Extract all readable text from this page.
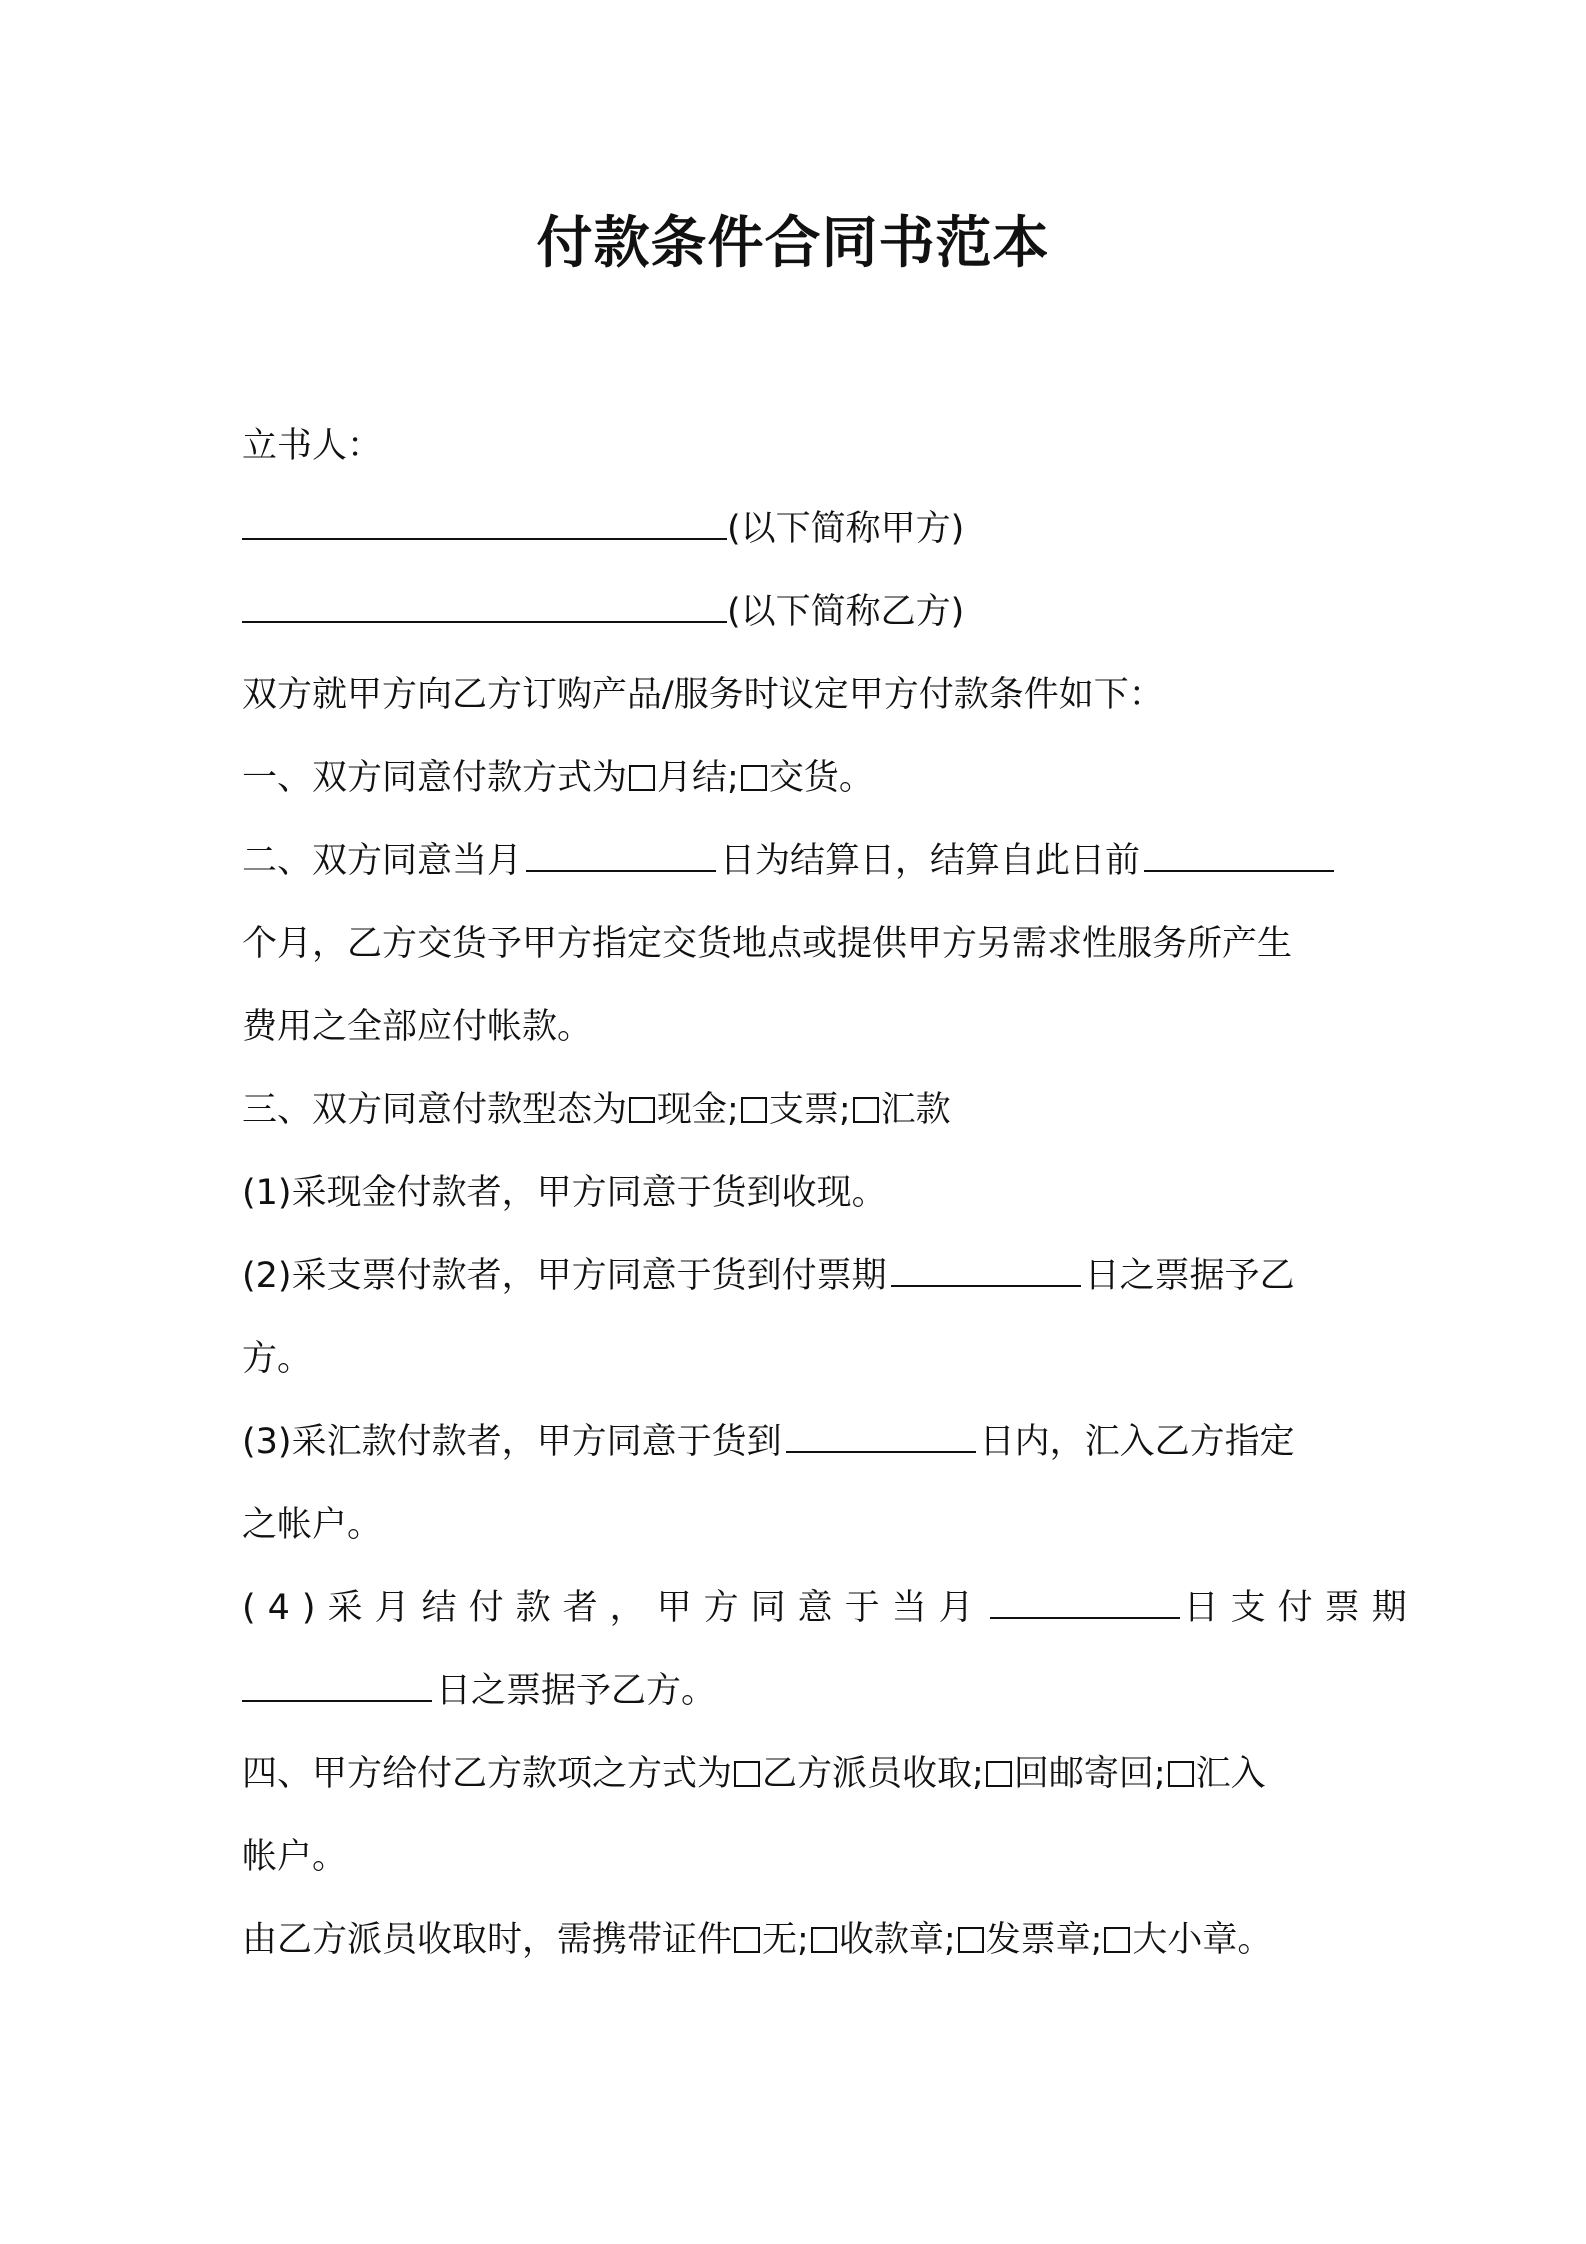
付款条件合同书范本
立书人：
(以下简称甲方)
(以下简称乙方)
双方就甲方向乙方订购产品/服务时议定甲方付款条件如下：
一、双方同意付款方式为 月结; 交货。
二、双方同意当月	日为结算日，结算自此日前
个月，乙方交货予甲方指定交货地点或提供甲方另需求性服务所产生
费用之全部应付帐款。
三、双方同意付款型态为 现金; 支票; 汇款
(1)采现金付款者，甲方同意于货到收现。
(2)采支票付款者，甲方同意于货到付票期	日之票据予乙
方。
(3)采汇款付款者，甲方同意于货到	日内，汇入乙方指定
之帐户。
(4)采月结付款者，甲方同意于当月	日支付票期
日之票据予乙方。
四、甲方给付乙方款项之方式为 乙方派员收取; 回邮寄回; 汇入
帐户。
由乙方派员收取时，需携带证件 无; 收款章; 发票章; 大小章。
